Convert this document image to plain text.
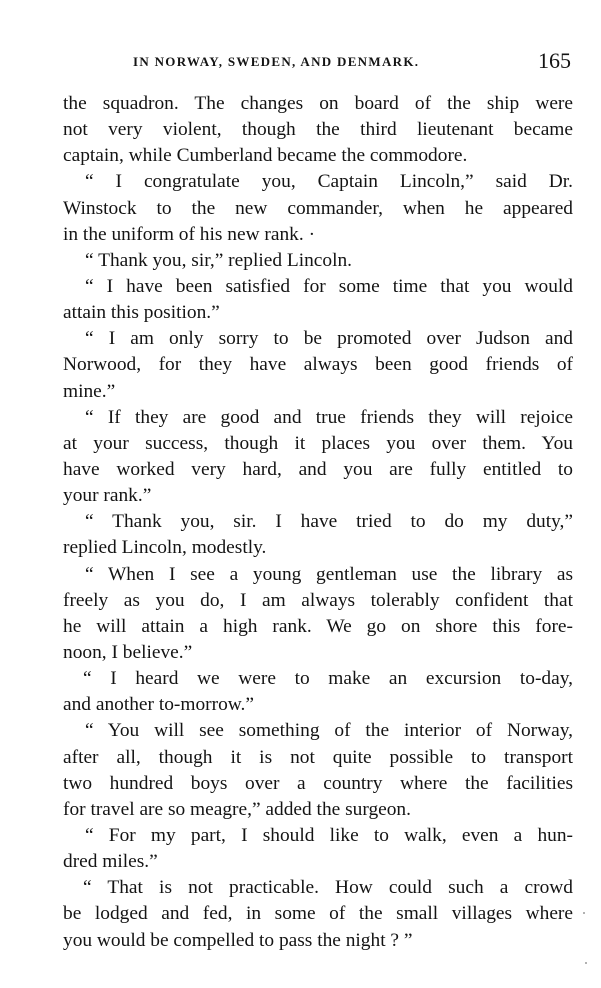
IN NORWAY, SWEDEN, AND DENMARK.	165
the squadron. The changes on board of the ship were
not very violent, though the third lieutenant became
captain, while Cumberland became the commodore.
“ I congratulate you, Captain Lincoln,” said Dr.
Winstock to the new commander, when he appeared
in the uniform of his new rank. ·
“ Thank you, sir,” replied Lincoln.
“ I have been satisfied for some time that you would
attain this position.”
“ I am only sorry to be promoted over Judson and
Norwood, for they have always been good friends of
mine.”
“ If they are good and true friends they will rejoice
at your success, though it places you over them. You
have worked very hard, and you are fully entitled to
your rank.”
“ Thank you, sir. I have tried to do my duty,”
replied Lincoln, modestly.
“ When I see a young gentleman use the library as
freely as you do, I am always tolerably confident that
he will attain a high rank. We go on shore this fore-
noon, I believe.”
“ I heard we were to make an excursion to-day,
and another to-morrow.”
“ You will see something of the interior of Norway,
after all, though it is not quite possible to transport
two hundred boys over a country where the facilities
for travel are so meagre,” added the surgeon.
“ For my part, I should like to walk, even a hun-
dred miles.”
“ That is not practicable. How could such a crowd
be lodged and fed, in some of the small villages where
you would be compelled to pass the night ? ”
